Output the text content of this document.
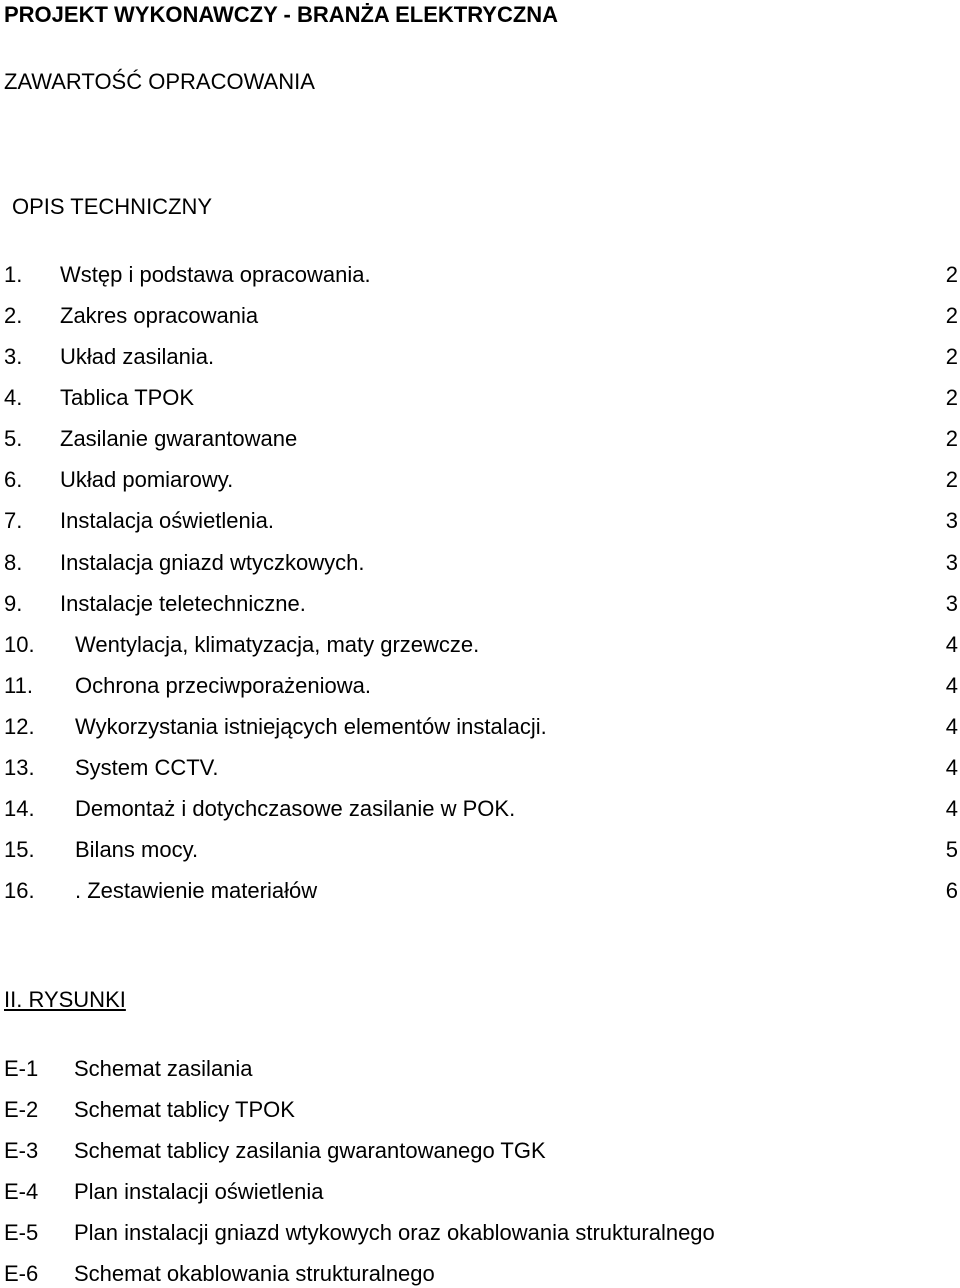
PROJEKT WYKONAWCZY - BRANŻA ELEKTRYCZNA
ZAWARTOŚĆ OPRACOWANIA
OPIS TECHNICZNY
1. Wstęp i podstawa opracowania.	2
2. Zakres opracowania	2
3. Układ zasilania.	2
4. Tablica TPOK	2
5. Zasilanie gwarantowane	2
6. Układ pomiarowy.	2
7. Instalacja oświetlenia.	3
8. Instalacja gniazd wtyczkowych.	3
9. Instalacje teletechniczne.	3
10. Wentylacja, klimatyzacja, maty grzewcze.	4
11. Ochrona przeciwporażeniowa.	4
12. Wykorzystania istniejących elementów instalacji.	4
13. System CCTV.	4
14. Demontaż i dotychczasowe zasilanie w POK.	4
15. Bilans mocy.	5
16. . Zestawienie materiałów	6
II. RYSUNKI
E-1 Schemat zasilania
E-2 Schemat tablicy TPOK
E-3 Schemat tablicy zasilania gwarantowanego TGK
E-4 Plan instalacji oświetlenia
E-5 Plan instalacji gniazd wtykowych oraz okablowania strukturalnego
E-6 Schemat okablowania strukturalnego
